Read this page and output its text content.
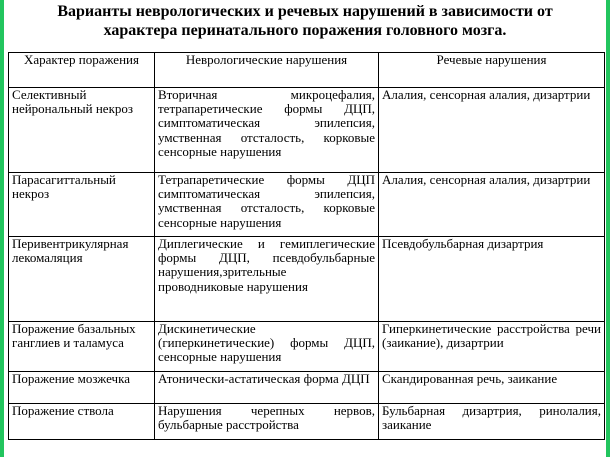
Варианты неврологических и речевых нарушений в зависимости от
характера перинатального поражения головного мозга.
Характер поражения	Неврологические нарушения	Речевые нарушения
Селективный нейрональный некроз	Вторичная микроцефалия, тетрапаретические формы ДЦП, симптоматическая эпилепсия, умственная отсталость, корковые сенсорные нарушения	Алалия, сенсорная алалия, дизартрии
Парасагиттальный некроз	Тетрапаретические формы ДЦП симптоматическая эпилепсия, умственная отсталость, корковые сенсорные нарушения	Алалия, сенсорная алалия, дизартрии
Перивентрикулярная лекомаляция	Диплегические и гемиплегические формы ДЦП, псевдобульбарные нарушения,зрительные проводниковые нарушения	Псевдобульбарная дизартрия
Поражение базальных ганглиев и таламуса	Дискинетические (гиперкинетические) формы ДЦП, сенсорные нарушения	Гиперкинетические расстройства речи (заикание), дизартрии
Поражение мозжечка	Атонически-астатическая форма ДЦП	Скандированная речь, заикание
Поражение ствола	Нарушения черепных нервов, бульбарные расстройства	Бульбарная дизартрия, ринолалия, заикание
